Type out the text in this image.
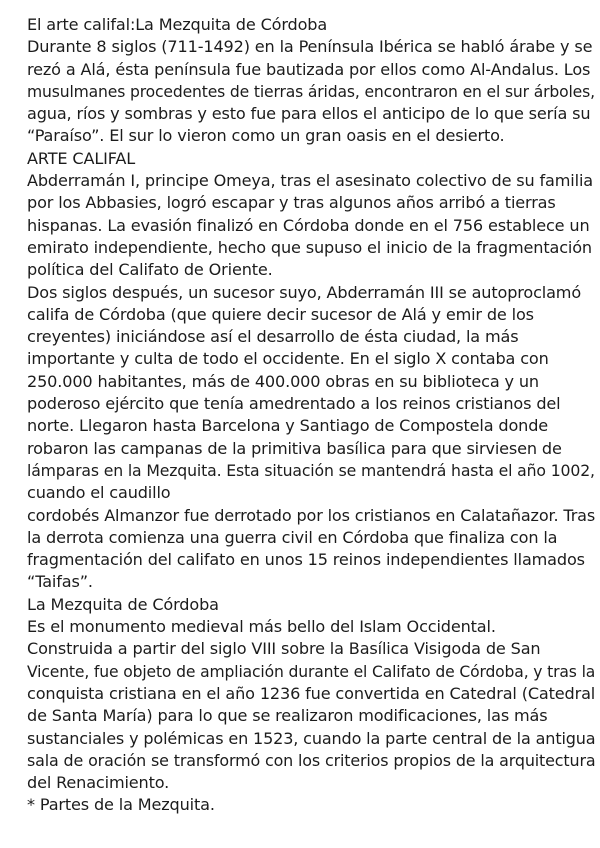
El arte califal:La Mezquita de Córdoba
Durante 8 siglos (711-1492) en la Península Ibérica se habló árabe y se
rezó a Alá, ésta península fue bautizada por ellos como Al-Andalus. Los
musulmanes procedentes de tierras áridas, encontraron en el sur árboles,
agua, ríos y sombras y esto fue para ellos el anticipo de lo que sería su
“Paraíso”. El sur lo vieron como un gran oasis en el desierto.
ARTE CALIFAL
Abderramán I, principe Omeya, tras el asesinato colectivo de su familia
por los Abbasies, logró escapar y tras algunos años arribó a tierras
hispanas. La evasión finalizó en Córdoba donde en el 756 establece un
emirato independiente, hecho que supuso el inicio de la fragmentación
política del Califato de Oriente.
Dos siglos después, un sucesor suyo, Abderramán III se autoproclamó
califa de Córdoba (que quiere decir sucesor de Alá y emir de los
creyentes) iniciándose así el desarrollo de ésta ciudad, la más
importante y culta de todo el occidente. En el siglo X contaba con
250.000 habitantes, más de 400.000 obras en su biblioteca y un
poderoso ejército que tenía amedrentado a los reinos cristianos del
norte. Llegaron hasta Barcelona y Santiago de Compostela donde
robaron las campanas de la primitiva basílica para que sirviesen de
lámparas en la Mezquita. Esta situación se mantendrá hasta el año 1002,
cuando el caudillo
cordobés Almanzor fue derrotado por los cristianos en Calatañazor. Tras
la derrota comienza una guerra civil en Córdoba que finaliza con la
fragmentación del califato en unos 15 reinos independientes llamados
“Taifas”.
La Mezquita de Córdoba
Es el monumento medieval más bello del Islam Occidental.
Construida a partir del siglo VIII sobre la Basílica Visigoda de San
Vicente, fue objeto de ampliación durante el Califato de Córdoba, y tras la
conquista cristiana en el año 1236 fue convertida en Catedral (Catedral
de Santa María) para lo que se realizaron modificaciones, las más
sustanciales y polémicas en 1523, cuando la parte central de la antigua
sala de oración se transformó con los criterios propios de la arquitectura
del Renacimiento.
* Partes de la Mezquita.
